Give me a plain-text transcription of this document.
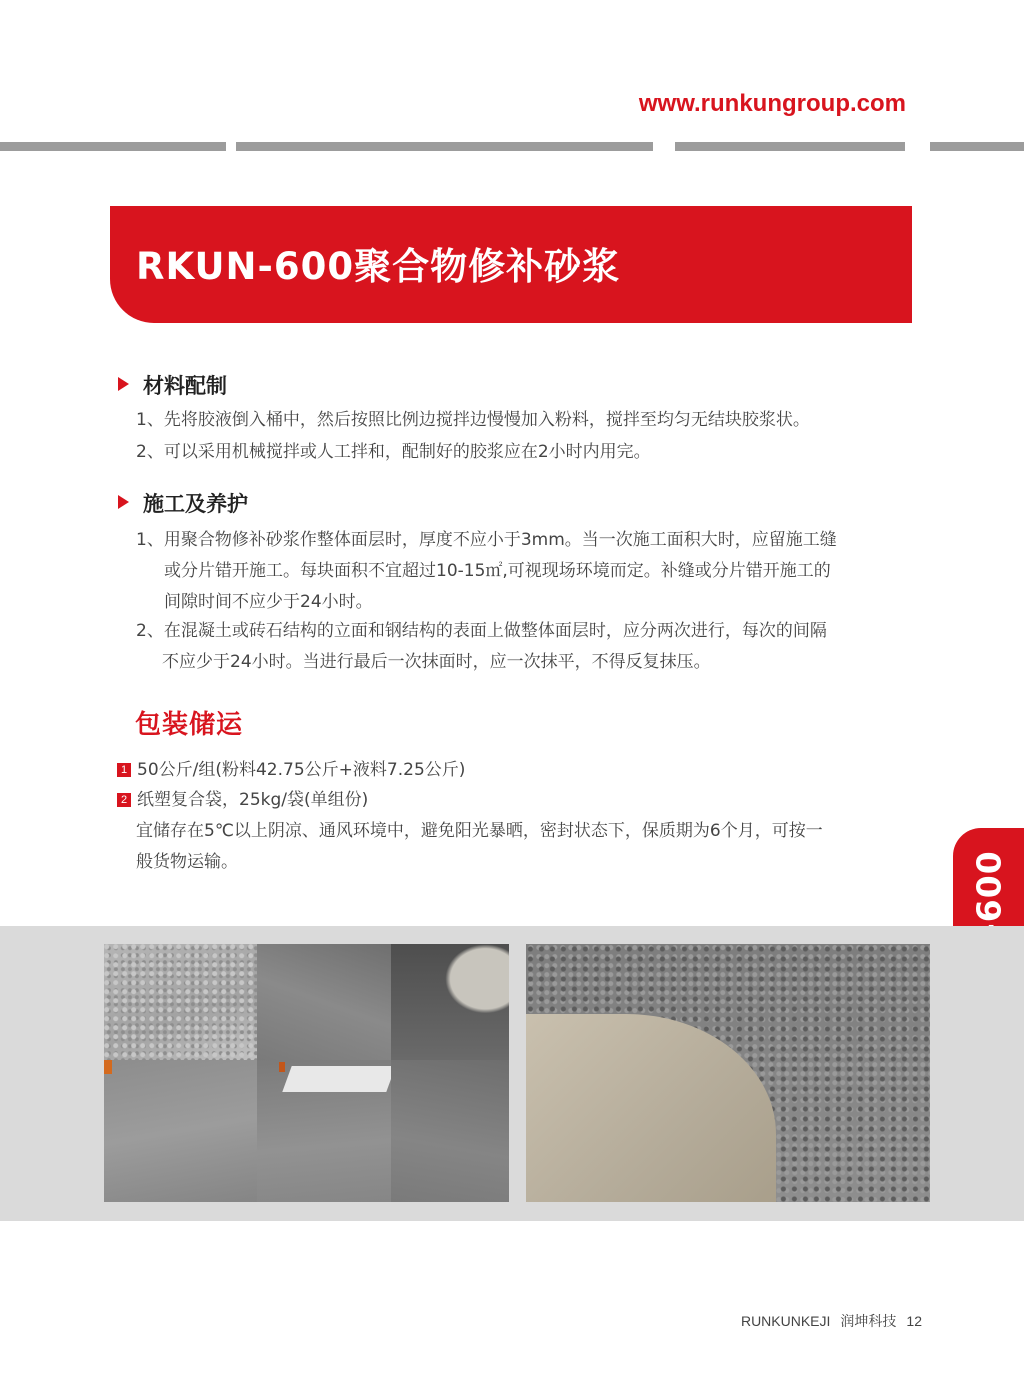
www.runkungroup.com
RKUN-600聚合物修补砂浆
材料配制

1、先将胶液倒入桶中，然后按照比例边搅拌边慢慢加入粉料，搅拌至均匀无结块胶浆状。

2、可以采用机械搅拌或人工拌和，配制好的胶浆应在2小时内用完。

施工及养护

1、用聚合物修补砂浆作整体面层时，厚度不应小于3mm。当一次施工面积大时，应留施工缝

或分片错开施工。每块面积不宜超过10-15㎡,可视现场环境而定。补缝或分片错开施工的

间隙时间不应少于24小时。

2、在混凝土或砖石结构的立面和钢结构的表面上做整体面层时，应分两次进行，每次的间隔

不应少于24小时。当进行最后一次抹面时，应一次抹平，不得反复抹压。

包装储运

1 50公斤/组(粉料42.75公斤+液料7.25公斤)

2 纸塑复合袋，25kg/袋(单组份)

宜储存在5℃以上阴凉、通风环境中，避免阳光暴晒，密封状态下，保质期为6个月，可按一

般货物运输。

RUNKUNKEJI 润坤科技 12
